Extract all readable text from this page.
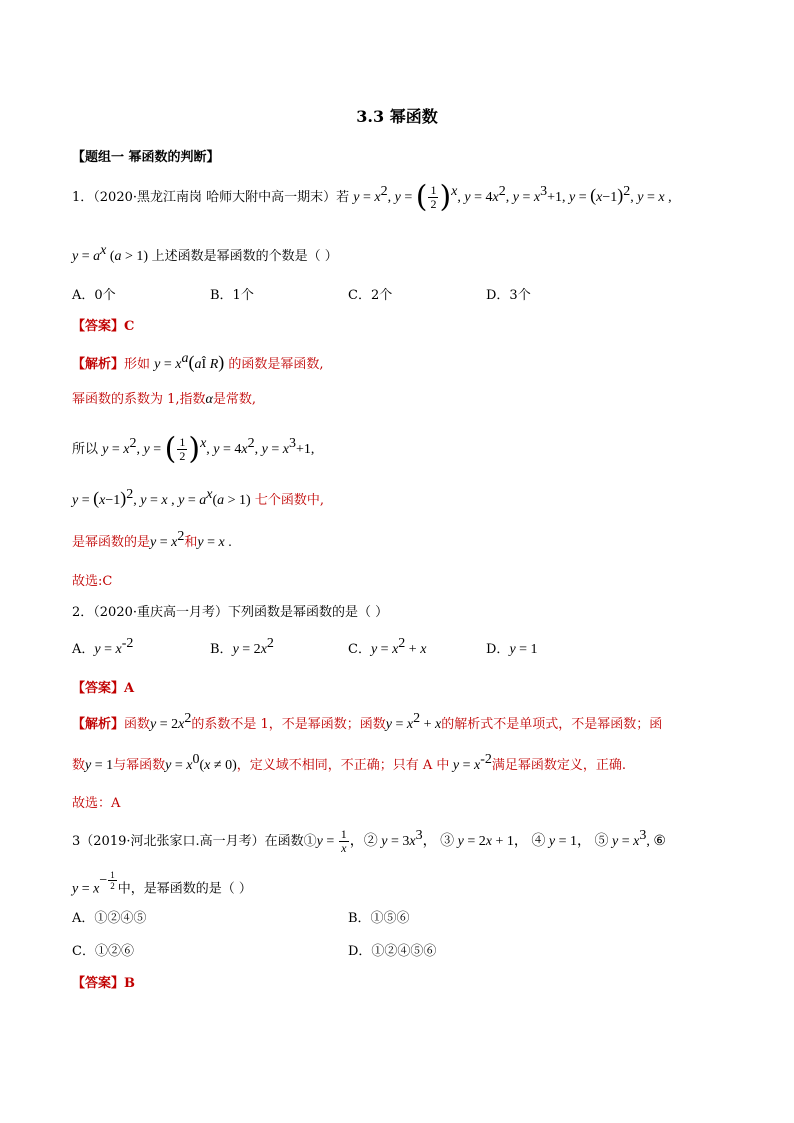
3.3 幂函数
【题组一 幂函数的判断】
1．（2020·黑龙江南岗 哈师大附中高一期末）若 $y = x^2$, y = ( $\frac{1}{2} )^x$, $y = 4x^2$, $y = x^3+1$, $y = (x-1)^2$, y = x ,
$y = a^x$ (a > 1) 上述函数是幂函数的个数是（ ）
A．0个	B．1个	C．2个	D．3个
【答案】C
【解析】形如 $y = x^a(aÎ$ R) 的函数是幂函数,
幂函数的系数为 1,指数α是常数,
所以 $y = x^2$, y = ( $\frac{1}{2} )^x$, $y = 4x^2$, $y = x^3+1$,
$y = (x-1)^2$, y = x , $y = a^x(a > 1)$ 七个函数中,
是幂函数的是$y = x^2$和y = x .
故选:C
2．（2020·重庆高一月考）下列函数是幂函数的是（ ）
A．$y = x^{-2}$	B．$y = 2x^2$	C．$y = x^2 + x$	D．y = 1
【答案】A
【解析】函数$y = 2x^2$的系数不是 1，不是幂函数；函数$y = x^2 + x$的解析式不是单项式，不是幂函数；函
数y = 1与幂函数$y = x^0(x \ne 0)$，定义域不相同，不正确；只有 A 中 $y = x^{-2}$满足幂函数定义，正确.
故选：A
3（2019·河北张家口.高一月考）在函数①y = $\frac{1}{x}$ ，② $y = 3x^3$， ③ y = 2x + 1， ④ y = 1， ⑤ $y = x^3$, ⑥
$y = x^{- \frac{1}{2}}$ 中，是幂函数的是（ ）
A．①②④⑤	B．①⑤⑥
C．①②⑥	D．①②④⑤⑥
【答案】B
